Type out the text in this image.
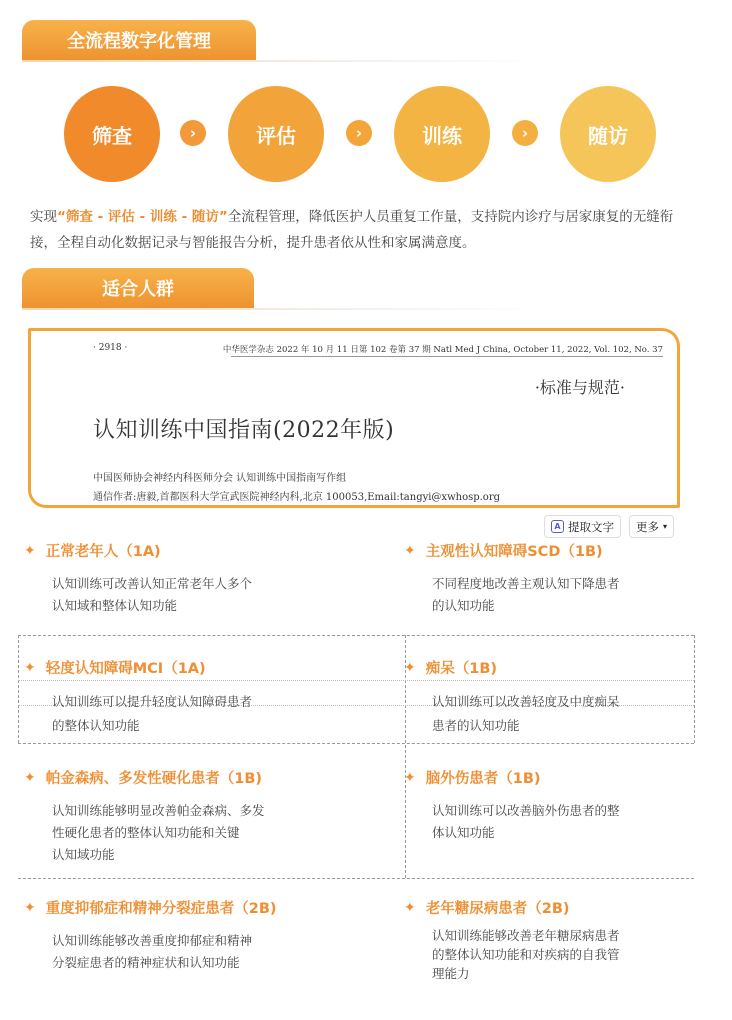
全流程数字化管理
筛查	›	评估	›	训练	›	随访

实现“筛查 - 评估 - 训练 - 随访”全流程管理，降低医护人员重复工作量，支持院内诊疗与居家康复的无缝衔接，全程自动化数据记录与智能报告分析，提升患者依从性和家属满意度。

适合人群
· 2918 ·	中华医学杂志 2022 年 10 月 11 日第 102 卷第 37 期 Natl Med J China, October 11, 2022, Vol. 102, No. 37
·标准与规范·
认知训练中国指南(2022年版)
中国医师协会神经内科医师分会 认知训练中国指南写作组
通信作者:唐毅,首都医科大学宣武医院神经内科,北京 100053,Email:tangyi@xwhosp.org
A 提取文字 更多 ▾
✦ 正常老年人（1A)
认知训练可改善认知正常老年人多个
认知域和整体认知功能
✦ 主观性认知障碍SCD（1B)
不同程度地改善主观认知下降患者
的认知功能
✦ 轻度认知障碍MCI（1A)
认知训练可以提升轻度认知障碍患者
的整体认知功能
✦ 痴呆（1B)
认知训练可以改善轻度及中度痴呆
患者的认知功能
✦ 帕金森病、多发性硬化患者（1B)
认知训练能够明显改善帕金森病、多发
性硬化患者的整体认知功能和关键
认知域功能
✦ 脑外伤患者（1B)
认知训练可以改善脑外伤患者的整
体认知功能
✦ 重度抑郁症和精神分裂症患者（2B)
认知训练能够改善重度抑郁症和精神
分裂症患者的精神症状和认知功能
✦ 老年糖尿病患者（2B)
认知训练能够改善老年糖尿病患者
的整体认知功能和对疾病的自我管
理能力
